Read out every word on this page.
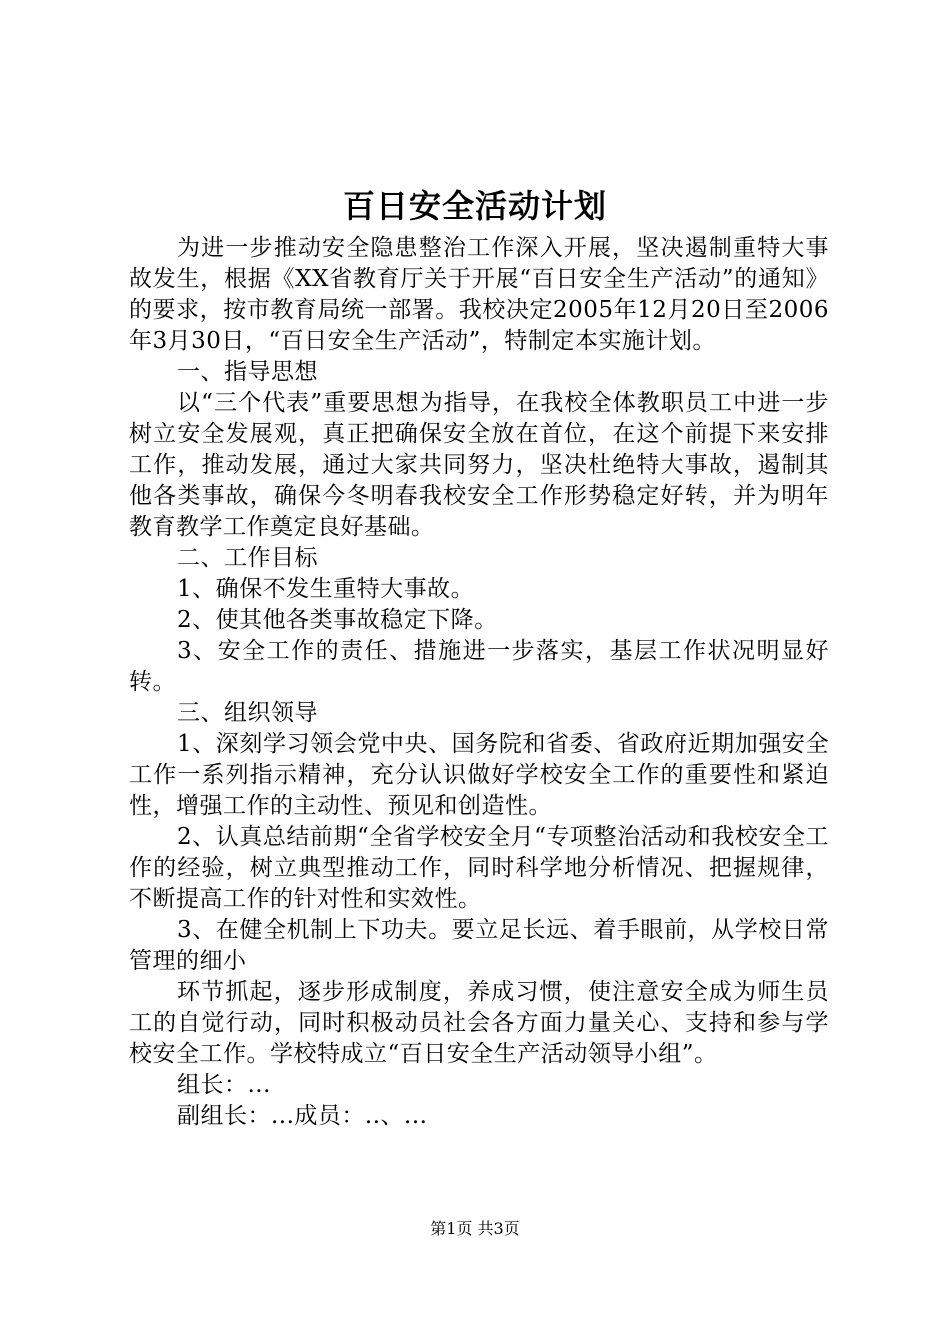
百日安全活动计划

为进一步推动安全隐患整治工作深入开展，坚决遏制重特大事故发生，根据《XX省教育厅关于开展“百日安全生产活动”的通知》的要求，按市教育局统一部署。我校决定2005年12月20日至2006年3月30日，“百日安全生产活动”，特制定本实施计划。

一、指导思想

以“三个代表”重要思想为指导，在我校全体教职员工中进一步树立安全发展观，真正把确保安全放在首位，在这个前提下来安排工作，推动发展，通过大家共同努力，坚决杜绝特大事故，遏制其他各类事故，确保今冬明春我校安全工作形势稳定好转，并为明年教育教学工作奠定良好基础。

二、工作目标

1、确保不发生重特大事故。

2、使其他各类事故稳定下降。

3、安全工作的责任、措施进一步落实，基层工作状况明显好转。

三、组织领导

1、深刻学习领会党中央、国务院和省委、省政府近期加强安全工作一系列指示精神，充分认识做好学校安全工作的重要性和紧迫性，增强工作的主动性、预见和创造性。

2、认真总结前期“全省学校安全月“专项整治活动和我校安全工作的经验，树立典型推动工作，同时科学地分析情况、把握规律，不断提高工作的针对性和实效性。

3、在健全机制上下功夫。要立足长远、着手眼前，从学校日常管理的细小

环节抓起，逐步形成制度，养成习惯，使注意安全成为师生员工的自觉行动，同时积极动员社会各方面力量关心、支持和参与学校安全工作。学校特成立“百日安全生产活动领导小组”。

组长：...

副组长：...成员：..、...

第1页 共3页
